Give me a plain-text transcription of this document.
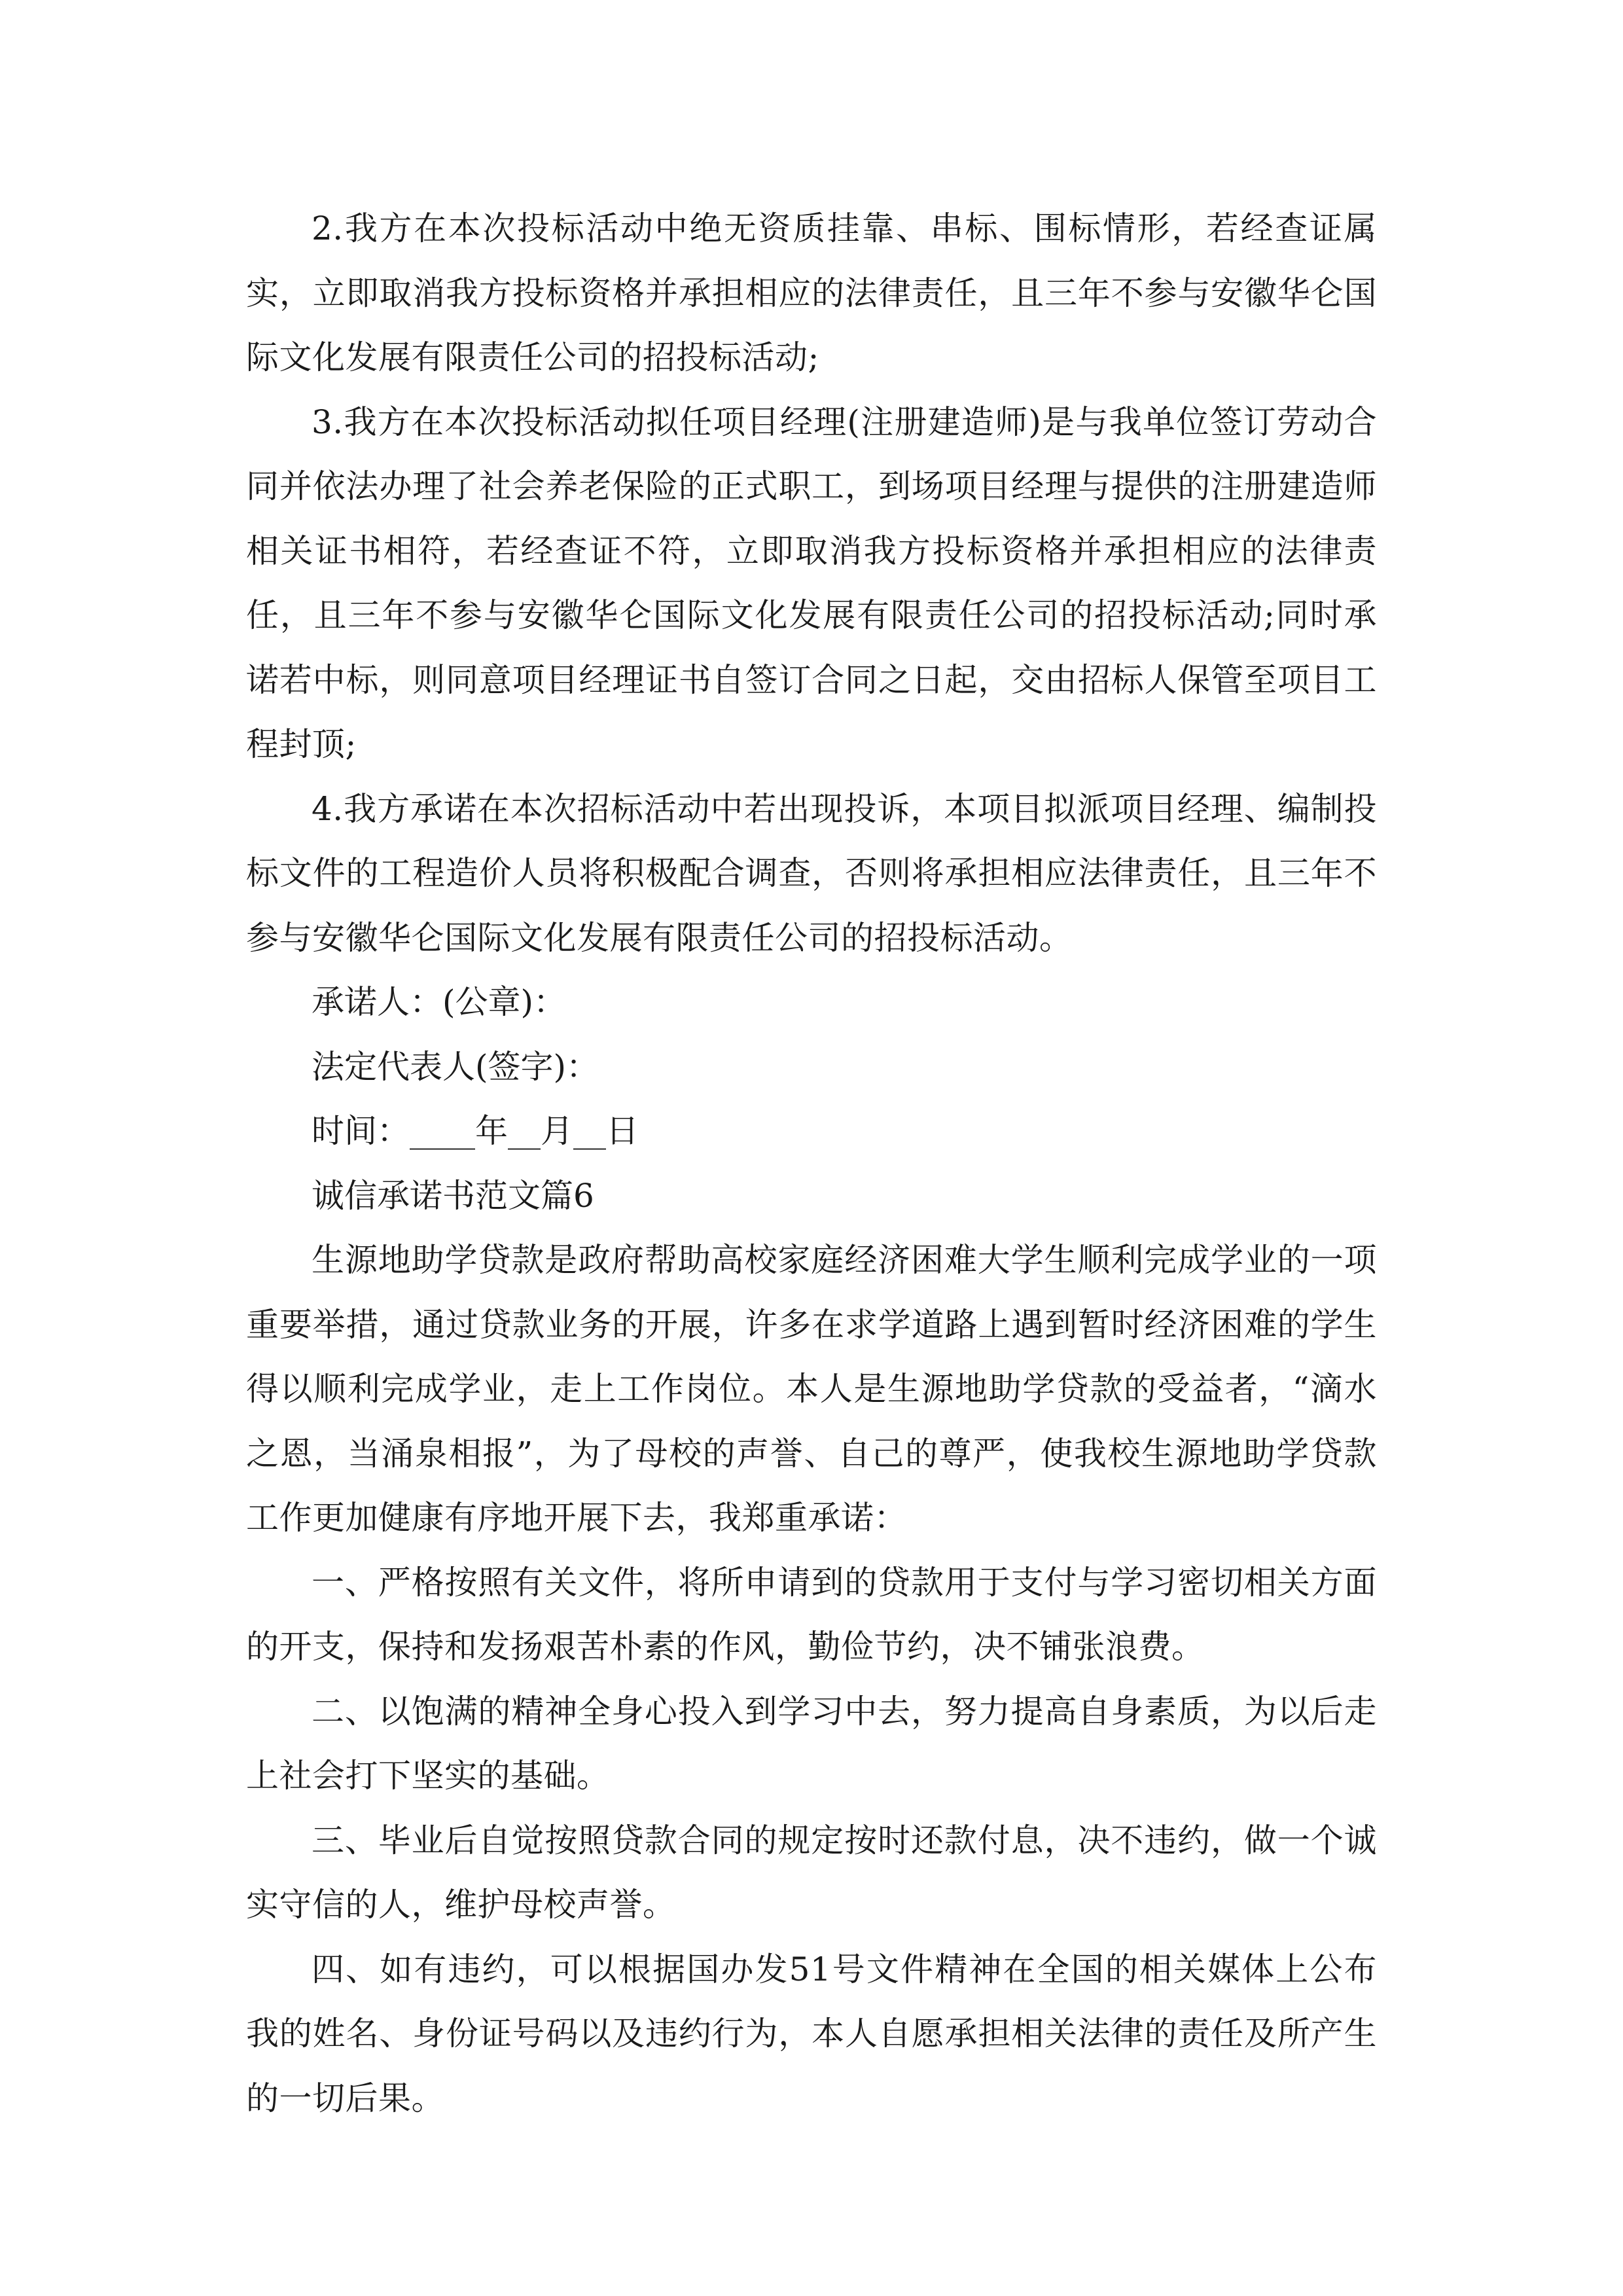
2.我方在本次投标活动中绝无资质挂靠、串标、围标情形，若经查证属实，立即取消我方投标资格并承担相应的法律责任，且三年不参与安徽华仑国际文化发展有限责任公司的招投标活动;

3.我方在本次投标活动拟任项目经理(注册建造师)是与我单位签订劳动合同并依法办理了社会养老保险的正式职工，到场项目经理与提供的注册建造师相关证书相符，若经查证不符，立即取消我方投标资格并承担相应的法律责任，且三年不参与安徽华仑国际文化发展有限责任公司的招投标活动;同时承诺若中标，则同意项目经理证书自签订合同之日起，交由招标人保管至项目工程封顶;

4.我方承诺在本次招标活动中若出现投诉，本项目拟派项目经理、编制投标文件的工程造价人员将积极配合调查，否则将承担相应法律责任，且三年不参与安徽华仑国际文化发展有限责任公司的招投标活动。

承诺人：(公章)：

法定代表人(签字)：

时间：____年__月__日

诚信承诺书范文篇6

生源地助学贷款是政府帮助高校家庭经济困难大学生顺利完成学业的一项重要举措，通过贷款业务的开展，许多在求学道路上遇到暂时经济困难的学生得以顺利完成学业，走上工作岗位。本人是生源地助学贷款的受益者，“滴水之恩，当涌泉相报”，为了母校的声誉、自己的尊严，使我校生源地助学贷款工作更加健康有序地开展下去，我郑重承诺：

一、严格按照有关文件，将所申请到的贷款用于支付与学习密切相关方面的开支，保持和发扬艰苦朴素的作风，勤俭节约，决不铺张浪费。

二、以饱满的精神全身心投入到学习中去，努力提高自身素质，为以后走上社会打下坚实的基础。

三、毕业后自觉按照贷款合同的规定按时还款付息，决不违约，做一个诚实守信的人，维护母校声誉。

四、如有违约，可以根据国办发51号文件精神在全国的相关媒体上公布我的姓名、身份证号码以及违约行为，本人自愿承担相关法律的责任及所产生的一切后果。
